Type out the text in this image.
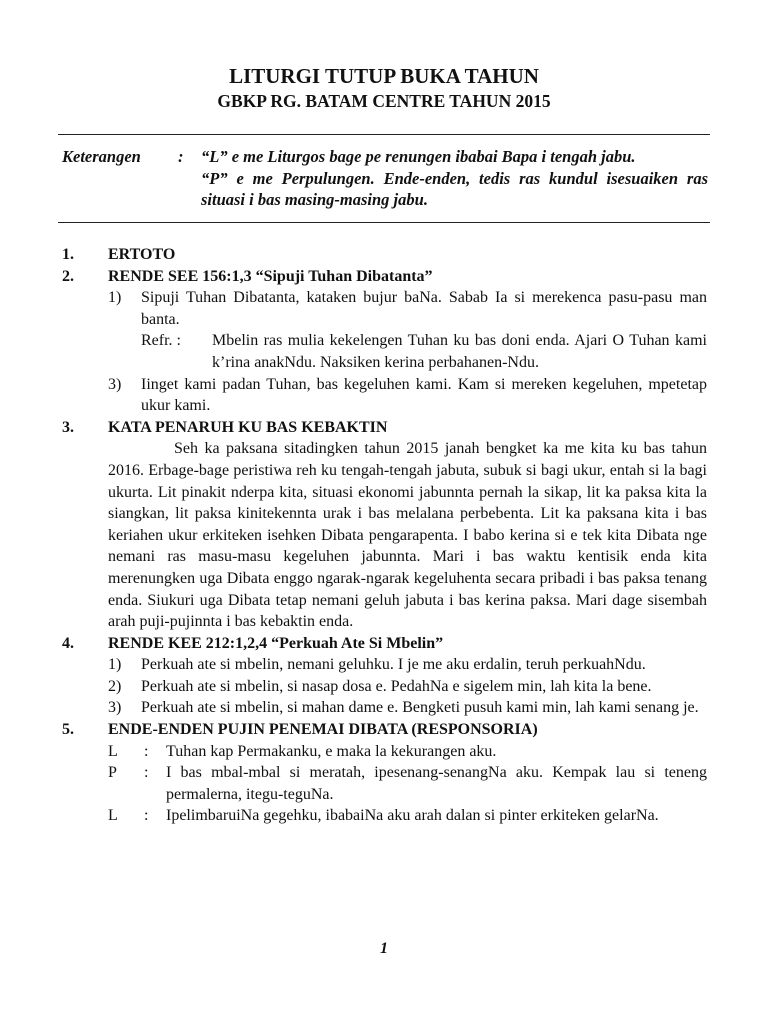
LITURGI TUTUP BUKA TAHUN
GBKP RG. BATAM CENTRE TAHUN 2015
Keterangen : “L” e me Liturgos bage pe renungen ibabai Bapa i tengah jabu.

“P” e me Perpulungen. Ende-enden, tedis ras kundul isesuaiken ras situasi i bas masing-masing jabu.

1. ERTOTO
2. RENDE SEE 156:1,3 “Sipuji Tuhan Dibatanta”
1) Sipuji Tuhan Dibatanta, kataken bujur baNa. Sabab Ia si merekenca pasu-pasu man banta.
Refr. : Mbelin ras mulia kekelengen Tuhan ku bas doni enda. Ajari O Tuhan kami k’rina anakNdu. Naksiken kerina perbahanen-Ndu.
3) Iinget kami padan Tuhan, bas kegeluhen kami. Kam si mereken kegeluhen, mpetetap ukur kami.
3. KATA PENARUH KU BAS KEBAKTIN
Seh ka paksana sitadingken tahun 2015 janah bengket ka me kita ku bas tahun 2016. Erbage-bage peristiwa reh ku tengah-tengah jabuta, subuk si bagi ukur, entah si la bagi ukurta. Lit pinakit nderpa kita, situasi ekonomi jabunnta pernah la sikap, lit ka paksa kita la siangkan, lit paksa kinitekennta urak i bas melalana perbebenta. Lit ka paksana kita i bas keriahen ukur erkiteken isehken Dibata pengarapenta. I babo kerina si e tek kita Dibata nge nemani ras masu-masu kegeluhen jabunnta. Mari i bas waktu kentisik enda kita merenungken uga Dibata enggo ngarak-ngarak kegeluhenta secara pribadi i bas paksa tenang enda. Siukuri uga Dibata tetap nemani geluh jabuta i bas kerina paksa. Mari dage sisembah arah puji-pujinnta i bas kebaktin enda.
4. RENDE KEE 212:1,2,4 “Perkuah Ate Si Mbelin”
1) Perkuah ate si mbelin, nemani geluhku. I je me aku erdalin, teruh perkuahNdu.
2) Perkuah ate si mbelin, si nasap dosa e. PedahNa e sigelem min, lah kita la bene.
3) Perkuah ate si mbelin, si mahan dame e. Bengketi pusuh kami min, lah kami senang je.
5. ENDE-ENDEN PUJIN PENEMAI DIBATA (RESPONSORIA)
L : Tuhan kap Permakanku, e maka la kekurangen aku.
P : I bas mbal-mbal si meratah, ipesenang-senangNa aku. Kempak lau si teneng permalerna, itegu-teguNa.
L : IpelimbaruiNa gegehku, ibabaiNa aku arah dalan si pinter erkiteken gelarNa.
1
